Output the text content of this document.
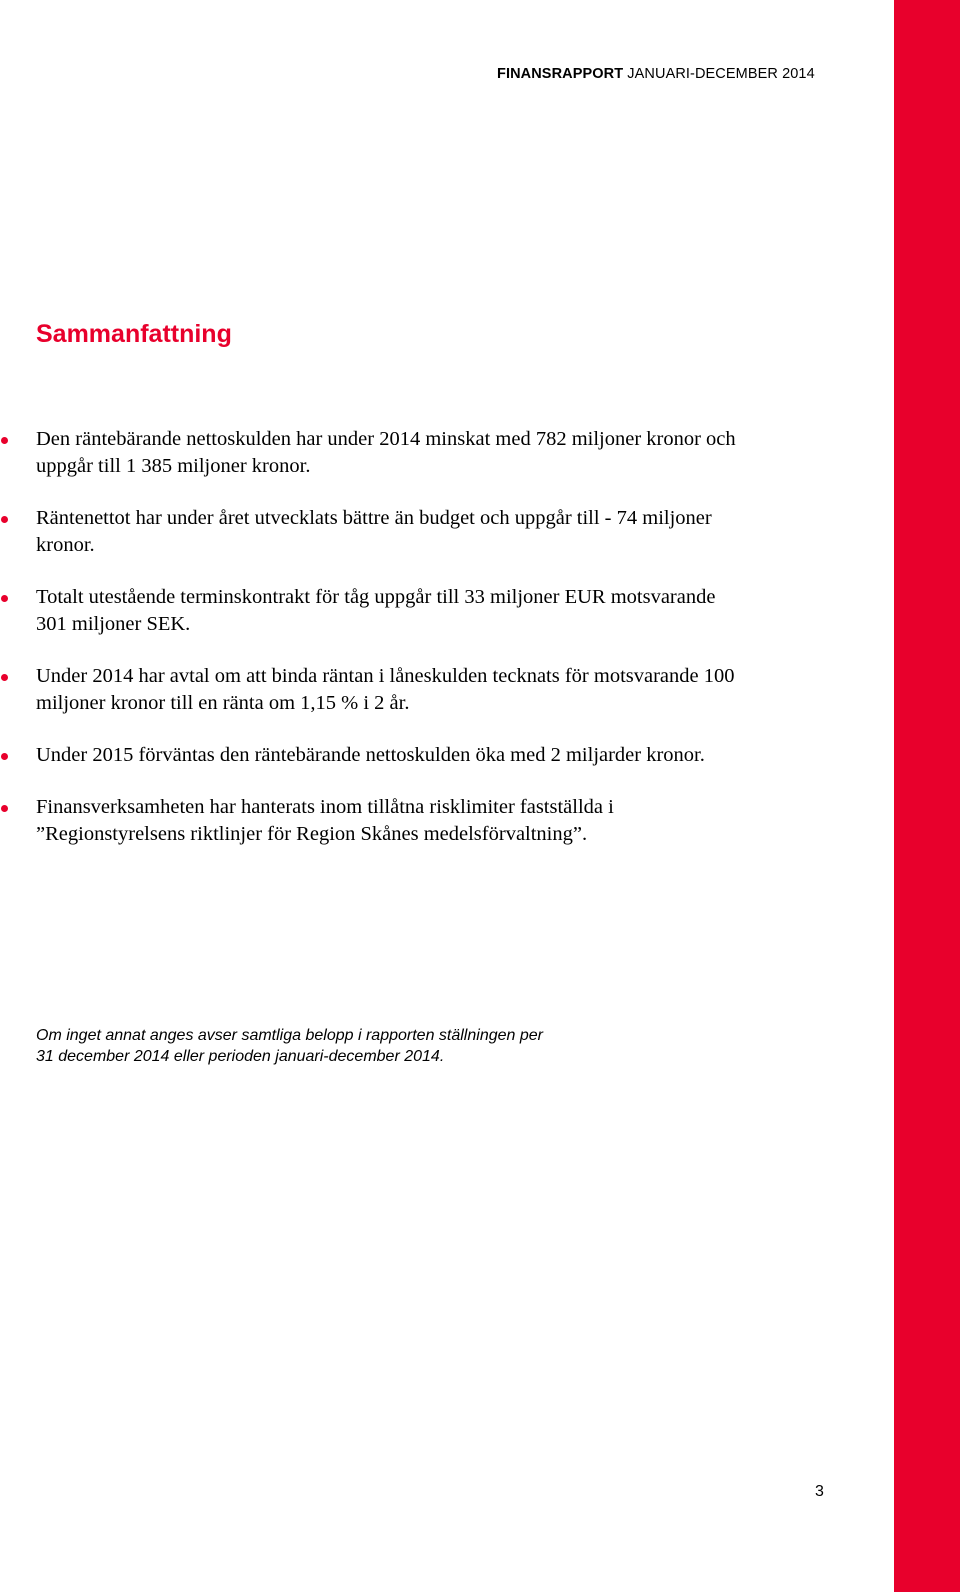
FINANSRAPPORT JANUARI-DECEMBER 2014
Sammanfattning

Den räntebärande nettoskulden har under 2014 minskat med 782 miljoner kronor och

uppgår till 1 385 miljoner kronor.

Räntenettot har under året utvecklats bättre än budget och uppgår till - 74 miljoner

kronor.

Totalt utestående terminskontrakt för tåg uppgår till 33 miljoner EUR motsvarande

301 miljoner SEK.

Under 2014 har avtal om att binda räntan i låneskulden tecknats för motsvarande 100

miljoner kronor till en ränta om 1,15 % i 2 år.

Under 2015 förväntas den räntebärande nettoskulden öka med 2 miljarder kronor.

Finansverksamheten har hanterats inom tillåtna risklimiter fastställda i

”Regionstyrelsens riktlinjer för Region Skånes medelsförvaltning”.

Om inget annat anges avser samtliga belopp i rapporten ställningen per

31 december 2014 eller perioden januari-december 2014.

3
